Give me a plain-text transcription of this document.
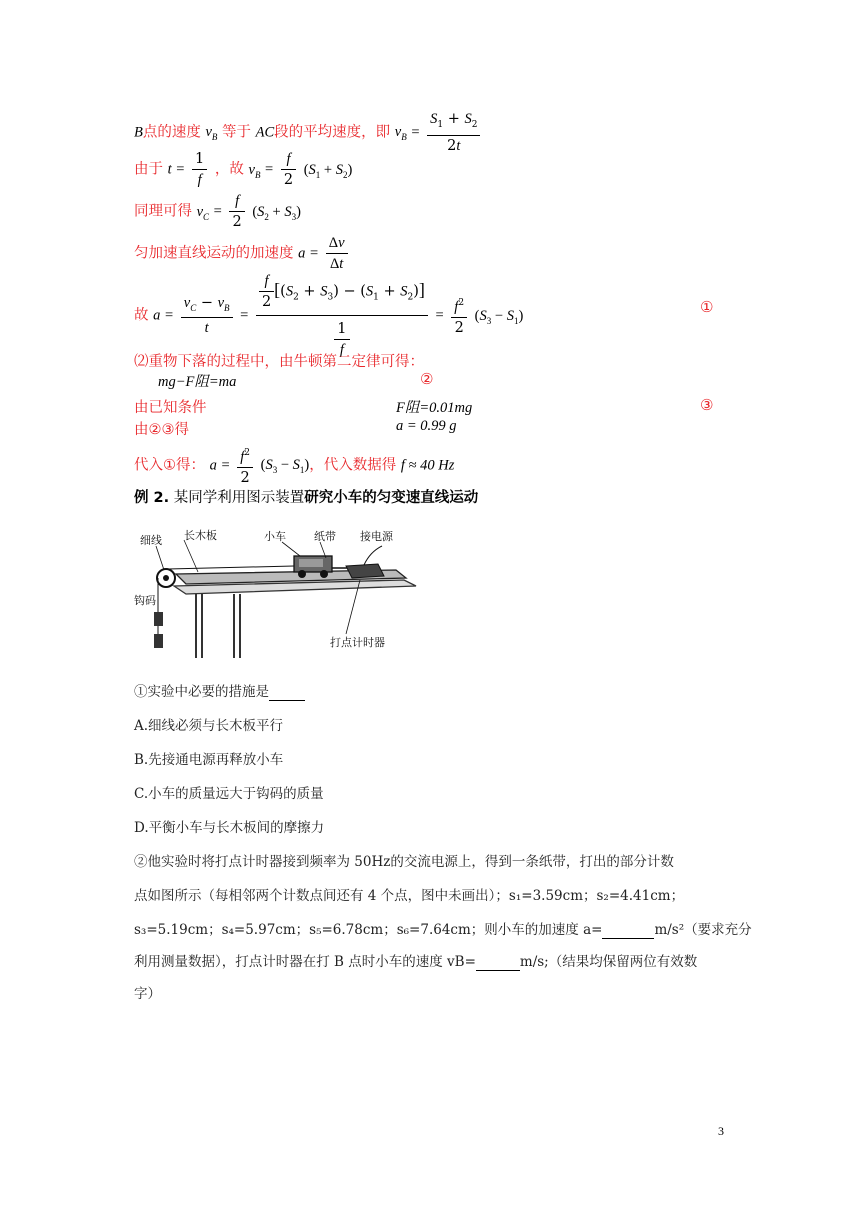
B点的速度 $v_B$ 等于 AC段的平均速度，即 $v_B = \frac{S_1 + S_2}{2t}$
由于 $t = \frac{1}{f}$ ，故 $v_B = \frac{f}{2} (S_1 + S_2)$
同理可得 $v_C = \frac{f}{2} (S_2 + S_3)$
匀加速直线运动的加速度 $a = \frac{\Delta v}{\Delta t}$
故 $a = \frac{v_C - v_B}{t} = \frac{\frac{f}{2} [(S_2 + S_3) - (S_1 + S_2)]}{\frac{1}{f}} = \frac{f^2}{2} (S_3 - S_1)$	①
⑵重物下落的过程中，由牛顿第二定律可得：
mg−F阻=ma	②
由已知条件	F阻=0.01mg	③
由②③得	a = 0.99 g
代入①得： $a = \frac{f^2}{2} (S_3 - S_1)$，代入数据得 f ≈ 40 Hz
例 2. 某同学利用图示装置研究小车的匀变速直线运动
细线 长木板	小车	纸带 接电源
钩码
打点计时器
①实验中必要的措施是
A.细线必须与长木板平行
B.先接通电源再释放小车
C.小车的质量远大于钩码的质量
D.平衡小车与长木板间的摩擦力
②他实验时将打点计时器接到频率为 50Hz的交流电源上，得到一条纸带，打出的部分计数
点如图所示（每相邻两个计数点间还有 4 个点，图中未画出）；s₁=3.59cm；s₂=4.41cm；
s₃=5.19cm；s₄=5.97cm；s₅=6.78cm；s₆=7.64cm；则小车的加速度 a=	m/s²（要求充分
利用测量数据），打点计时器在打 B 点时小车的速度 vB=	m/s;（结果均保留两位有效数
字）
3
